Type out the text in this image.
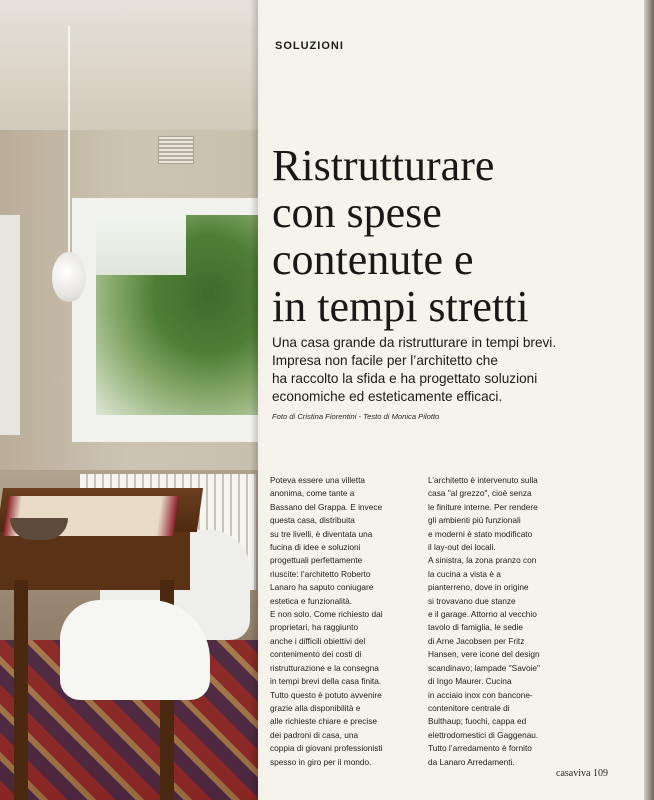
SOLUZIONI
Ristrutturare
con spese
contenute e
in tempi stretti

Una casa grande da ristrutturare in tempi brevi.
Impresa non facile per l’architetto che
ha raccolto la sfida e ha progettato soluzioni
economiche ed esteticamente efficaci.

Foto di Cristina Fiorentini - Testo di Monica Pilotto

Poteva essere una villetta
anonima, come tante a
Bassano del Grappa. E invece
questa casa, distribuita
su tre livelli, è diventata una
fucina di idee e soluzioni
progettuali perfettamente
riuscite: l’architetto Roberto
Lanaro ha saputo coniugare
estetica e funzionalità.
E non solo. Come richiesto dai
proprietari, ha raggiunto
anche i difficili obiettivi del
contenimento dei costi di
ristrutturazione e la consegna
in tempi brevi della casa finita.
Tutto questo è potuto avvenire
grazie alla disponibilità e
alle richieste chiare e precise
dei padroni di casa, una
coppia di giovani professionisti
spesso in giro per il mondo.

L’architetto è intervenuto sulla
casa "al grezzo", cioè senza
le finiture interne. Per rendere
gli ambienti più funzionali
e moderni è stato modificato
il lay-out dei locali.
A sinistra, la zona pranzo con
la cucina a vista è a
pianterreno, dove in origine
si trovavano due stanze
e il garage. Attorno al vecchio
tavolo di famiglia, le sedie
di Arne Jacobsen per Fritz
Hansen, vere icone del design
scandinavo; lampade "Savoie"
di Ingo Maurer. Cucina
in acciaio inox con bancone-
contenitore centrale di
Bulthaup; fuochi, cappa ed
elettrodomestici di Gaggenau.
Tutto l’arredamento è fornito
da Lanaro Arredamenti.

casaviva 109
